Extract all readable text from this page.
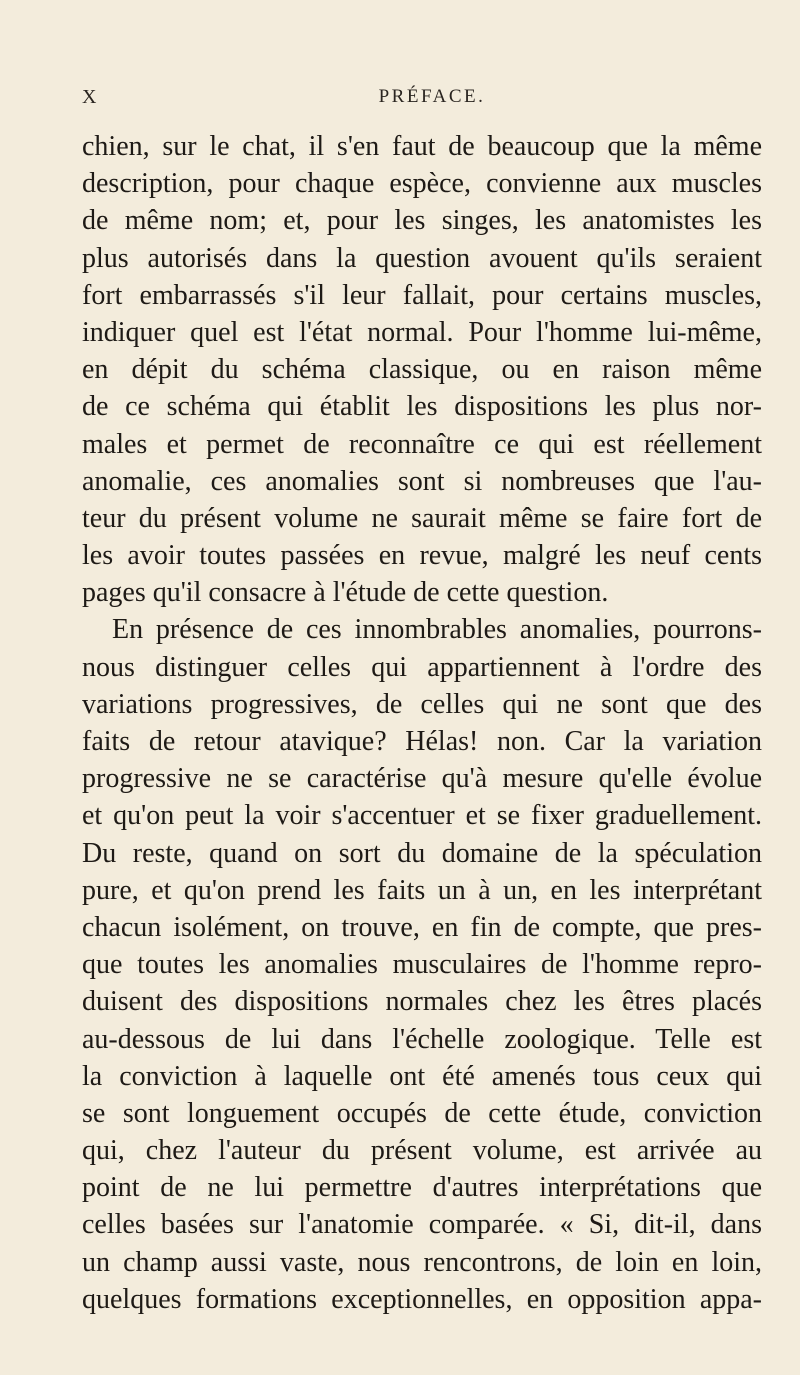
X	PRÉFACE.
chien, sur le chat, il s'en faut de beaucoup que la même
description, pour chaque espèce, convienne aux muscles
de même nom; et, pour les singes, les anatomistes les
plus autorisés dans la question avouent qu'ils seraient
fort embarrassés s'il leur fallait, pour certains muscles,
indiquer quel est l'état normal. Pour l'homme lui-même,
en dépit du schéma classique, ou en raison même
de ce schéma qui établit les dispositions les plus nor-
males et permet de reconnaître ce qui est réellement
anomalie, ces anomalies sont si nombreuses que l'au-
teur du présent volume ne saurait même se faire fort de
les avoir toutes passées en revue, malgré les neuf cents
pages qu'il consacre à l'étude de cette question.
En présence de ces innombrables anomalies, pourrons-
nous distinguer celles qui appartiennent à l'ordre des
variations progressives, de celles qui ne sont que des
faits de retour atavique? Hélas! non. Car la variation
progressive ne se caractérise qu'à mesure qu'elle évolue
et qu'on peut la voir s'accentuer et se fixer graduellement.
Du reste, quand on sort du domaine de la spéculation
pure, et qu'on prend les faits un à un, en les interprétant
chacun isolément, on trouve, en fin de compte, que pres-
que toutes les anomalies musculaires de l'homme repro-
duisent des dispositions normales chez les êtres placés
au-dessous de lui dans l'échelle zoologique. Telle est
la conviction à laquelle ont été amenés tous ceux qui
se sont longuement occupés de cette étude, conviction
qui, chez l'auteur du présent volume, est arrivée au
point de ne lui permettre d'autres interprétations que
celles basées sur l'anatomie comparée. « Si, dit-il, dans
un champ aussi vaste, nous rencontrons, de loin en loin,
quelques formations exceptionnelles, en opposition appa-
